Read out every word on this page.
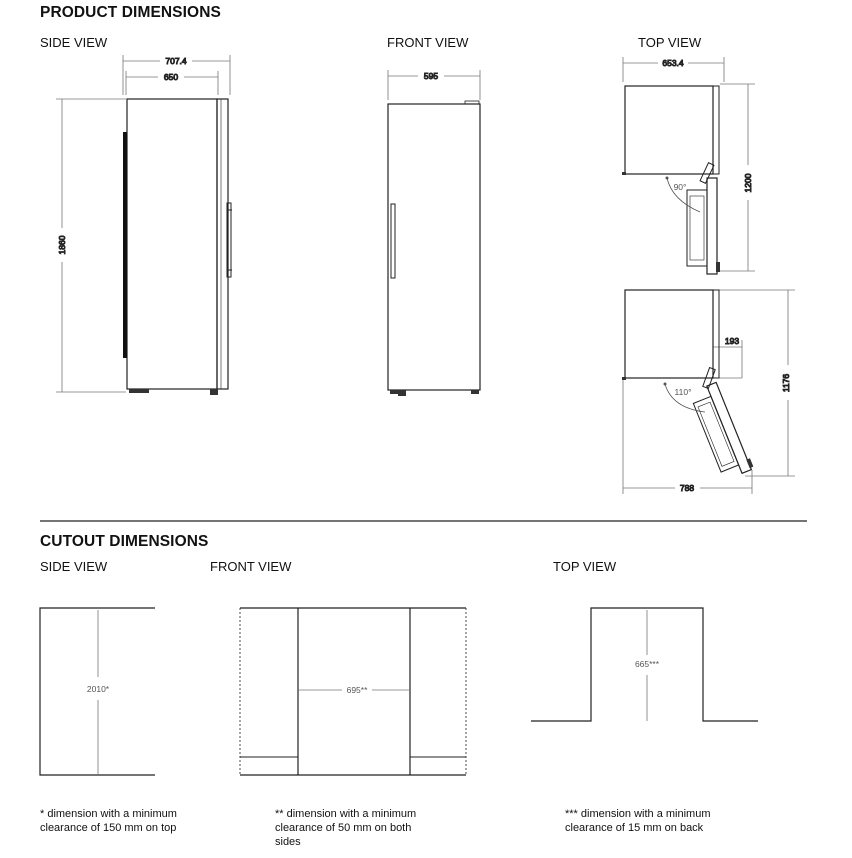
PRODUCT DIMENSIONS
SIDE VIEW	FRONT VIEW	TOP VIEW
CUTOUT DIMENSIONS
SIDE VIEW	FRONT VIEW	TOP VIEW
707.4
650
1860
595
653.4
1200
90°
193
1176
788
110°
2010*	695**
665***
* dimension with a minimum
clearance of 150 mm on top
** dimension with a minimum
clearance of 50 mm on both
sides
*** dimension with a minimum
clearance of 15 mm on back
